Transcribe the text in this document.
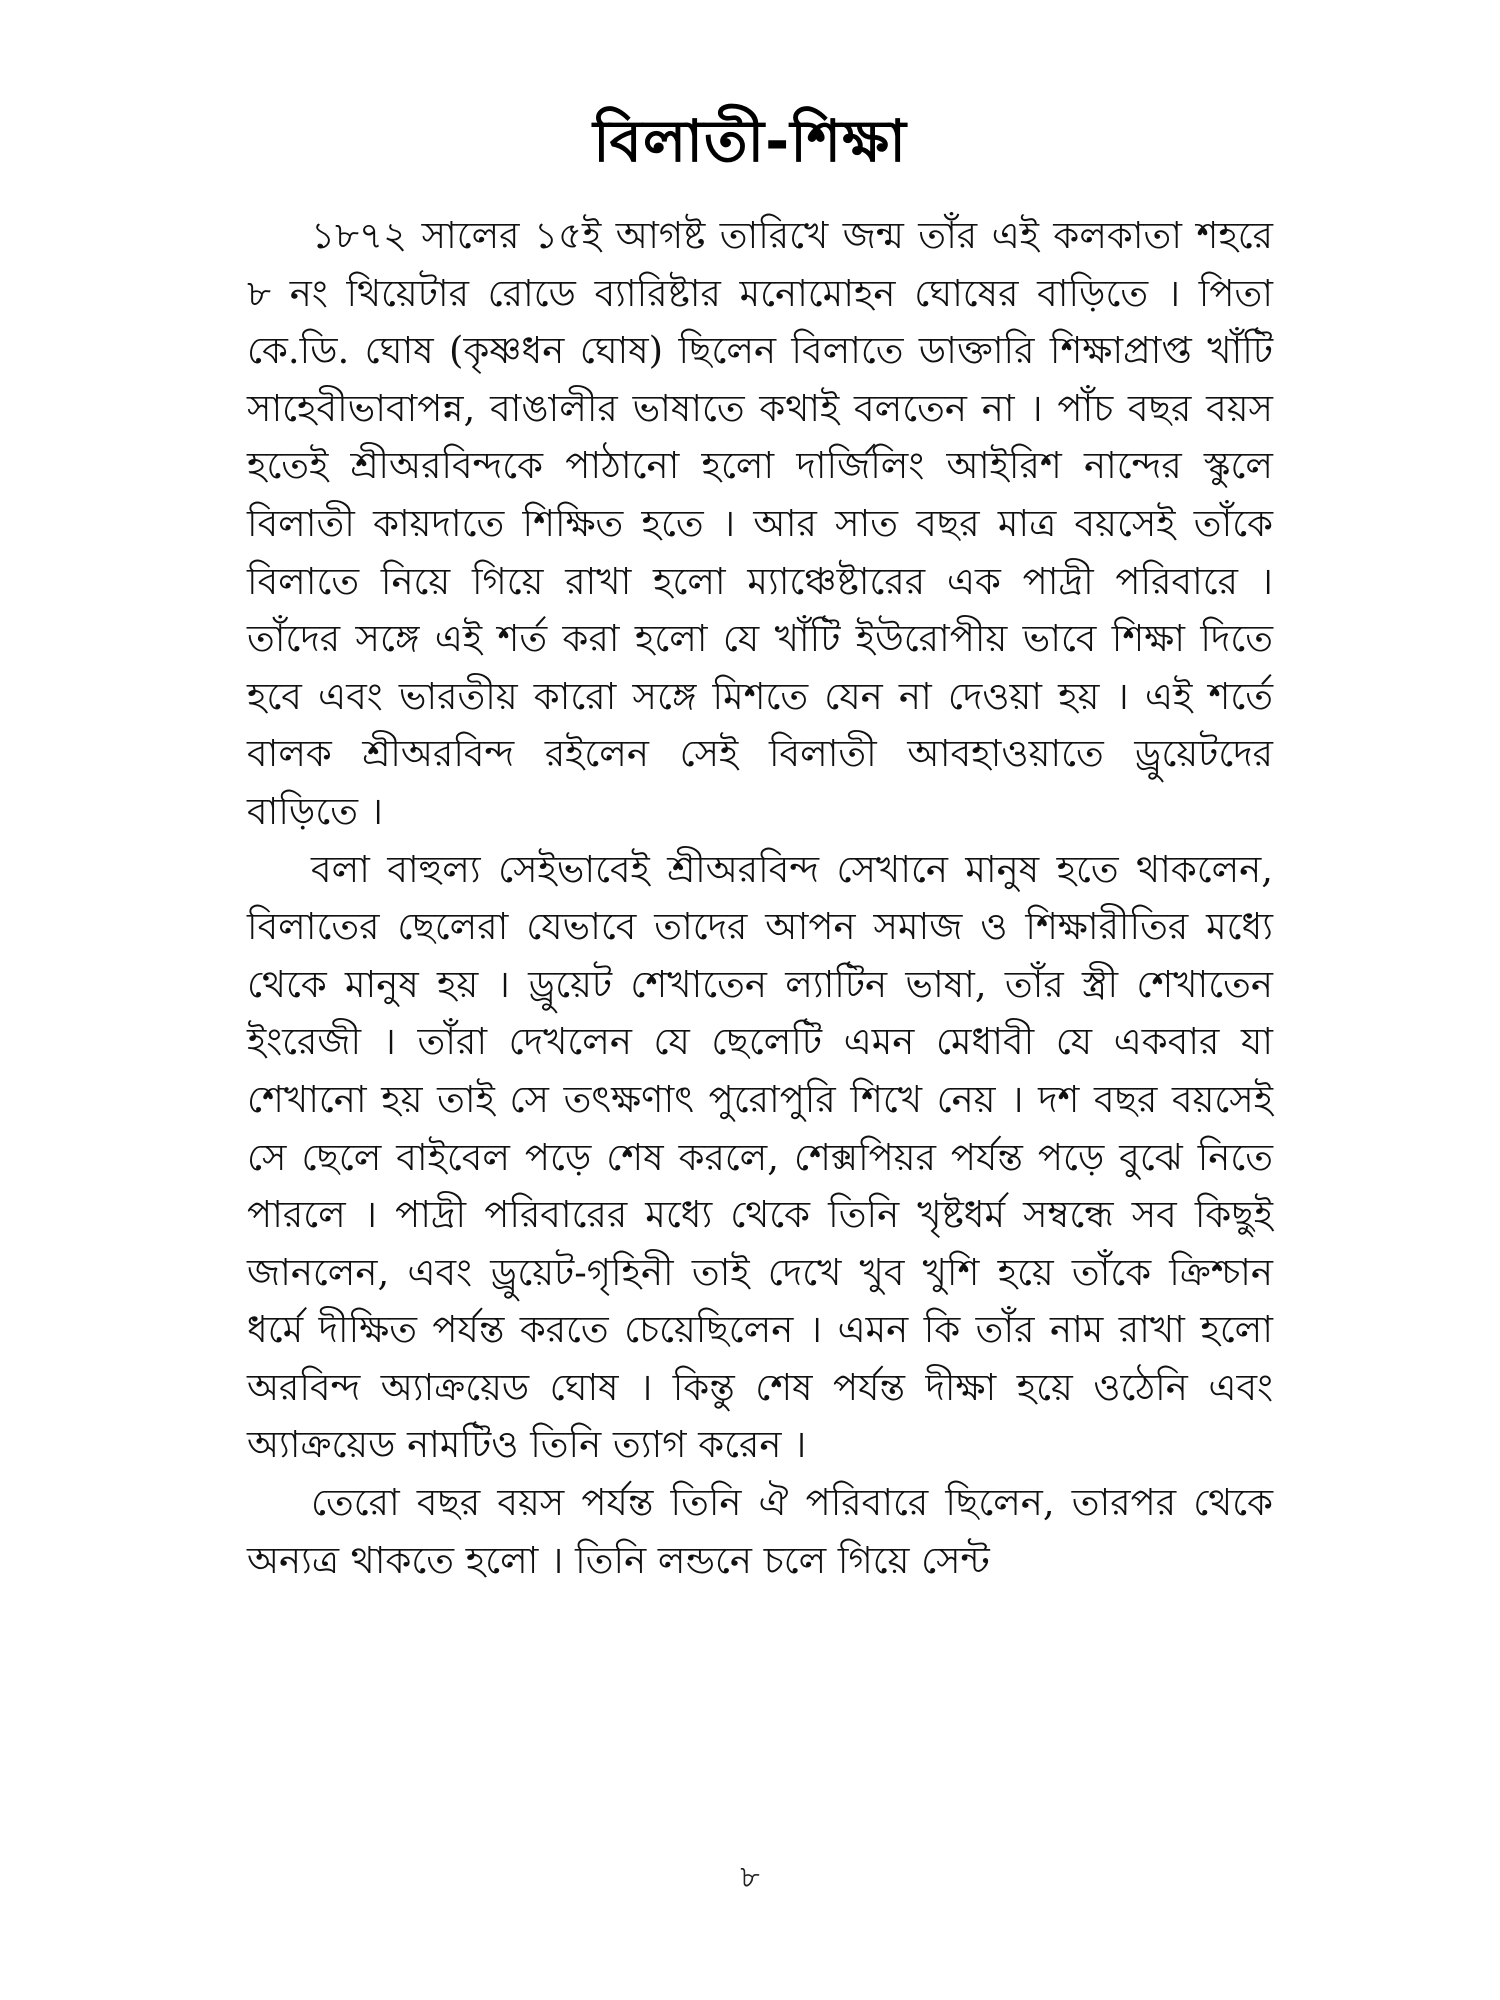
বিলাতী-শিক্ষা

১৮৭২ সালের ১৫ই আগষ্ট তারিখে জন্ম তাঁর এই কলকাতা শহরে ৮ নং থিয়েটার রোডে ব্যারিষ্টার মনোমোহন ঘোষের বাড়িতে । পিতা কে.ডি. ঘোষ (কৃষ্ণধন ঘোষ) ছিলেন বিলাতে ডাক্তারি শিক্ষাপ্রাপ্ত খাঁটি সাহেবীভাবাপন্ন, বাঙালীর ভাষাতে কথাই বলতেন না । পাঁচ বছর বয়স হতেই শ্রীঅরবিন্দকে পাঠানো হলো দার্জিলিং আইরিশ নান্দের স্কুলে বিলাতী কায়দাতে শিক্ষিত হতে । আর সাত বছর মাত্র বয়সেই তাঁকে বিলাতে নিয়ে গিয়ে রাখা হলো ম্যাঞ্চেষ্টারের এক পাদ্রী পরিবারে । তাঁদের সঙ্গে এই শর্ত করা হলো যে খাঁটি ইউরোপীয় ভাবে শিক্ষা দিতে হবে এবং ভারতীয় কারো সঙ্গে মিশতে যেন না দেওয়া হয় । এই শর্তে বালক শ্রীঅরবিন্দ রইলেন সেই বিলাতী আবহাওয়াতে ড্রুয়েটদের বাড়িতে ।

বলা বাহুল্য সেইভাবেই শ্রীঅরবিন্দ সেখানে মানুষ হতে থাকলেন, বিলাতের ছেলেরা যেভাবে তাদের আপন সমাজ ও শিক্ষারীতির মধ্যে থেকে মানুষ হয় । ড্রুয়েট শেখাতেন ল্যাটিন ভাষা, তাঁর স্ত্রী শেখাতেন ইংরেজী । তাঁরা দেখলেন যে ছেলেটি এমন মেধাবী যে একবার যা শেখানো হয় তাই সে তৎক্ষণাৎ পুরোপুরি শিখে নেয় । দশ বছর বয়সেই সে ছেলে বাইবেল পড়ে শেষ করলে, শেক্সপিয়র পর্যন্ত পড়ে বুঝে নিতে পারলে । পাদ্রী পরিবারের মধ্যে থেকে তিনি খৃষ্টধর্ম সম্বন্ধে সব কিছুই জানলেন, এবং ড্রুয়েট-গৃহিনী তাই দেখে খুব খুশি হয়ে তাঁকে ক্রিশ্চান ধর্মে দীক্ষিত পর্যন্ত করতে চেয়েছিলেন । এমন কি তাঁর নাম রাখা হলো অরবিন্দ অ্যাক্রয়েড ঘোষ । কিন্তু শেষ পর্যন্ত দীক্ষা হয়ে ওঠেনি এবং অ্যাক্রয়েড নামটিও তিনি ত্যাগ করেন ।

তেরো বছর বয়স পর্যন্ত তিনি ঐ পরিবারে ছিলেন, তারপর থেকে অন্যত্র থাকতে হলো । তিনি লন্ডনে চলে গিয়ে সেন্ট

৮
